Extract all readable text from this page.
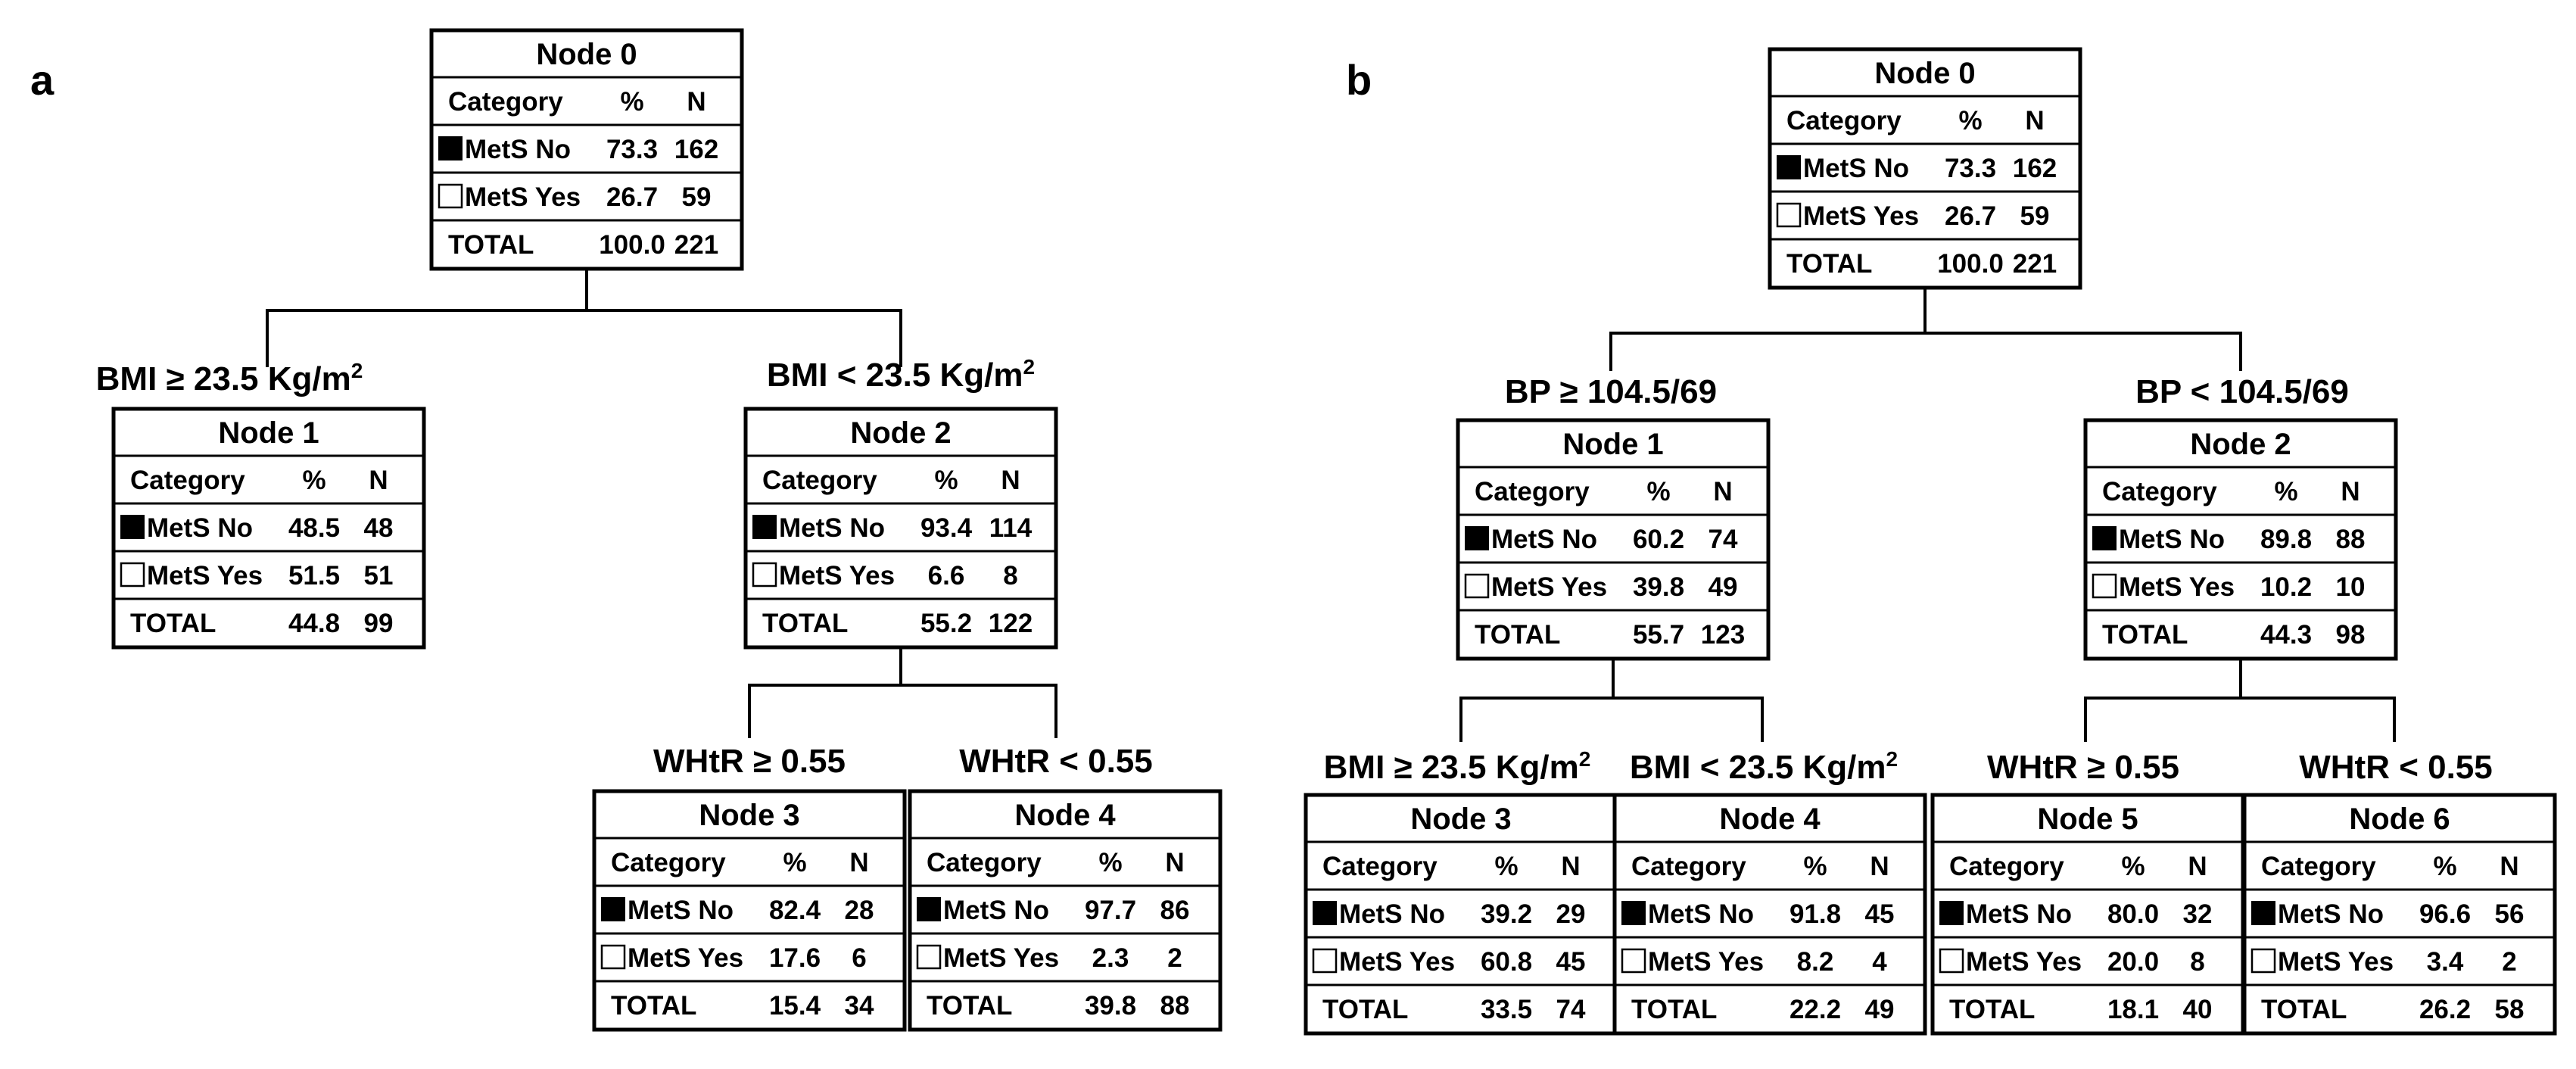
a
Node 0
Category % N
MetS No 73.3 162
MetS Yes 26.7 59
TOTAL 100.0 221
Node 1
Category % N
MetS No 48.5 48
MetS Yes 51.5 51
TOTAL	44.8 99
Node 2
Category % N
MetS No 93.4 114
MetS Yes 6.6 8
TOTAL	55.2 122
Node 3
Category % N
MetS No 82.4 28
MetS Yes 17.6 6
TOTAL	15.4 34
Node 4
Category % N
MetS No 97.7 86
MetS Yes 2.3 2
TOTAL	39.8 88
BMI ≥ 23.5 $Kg/m^2$	BMI < 23.5 $Kg/m^2$
WHtR ≥ 0.55	WHtR < 0.55
b	Node 0
Category % N
MetS No 73.3 162
MetS Yes 26.7 59
TOTAL 100.0 221
Node 1
Category % N
MetS No 60.2 74
MetS Yes 39.8 49
TOTAL	55.7 123
Node 2
Category % N
MetS No 89.8 88
MetS Yes 10.2 10
TOTAL	44.3 98
Node 3
Category % N
MetS No 39.2 29
MetS Yes 60.8 45
TOTAL	33.5 74
Node 4
Category % N
MetS No 91.8 45
MetS Yes 8.2 4
TOTAL	22.2 49
Node 5
Category % N
MetS No 80.0 32
MetS Yes 20.0 8
TOTAL	18.1 40
Node 6
Category % N
MetS No 96.6 56
MetS Yes 3.4 2
TOTAL	26.2 58
BP ≥ 104.5/69	BP < 104.5/69
BMI ≥ 23.5 $Kg/m^2$ BMI < 23.5 $Kg/m^2$	WHtR ≥ 0.55	WHtR < 0.55
